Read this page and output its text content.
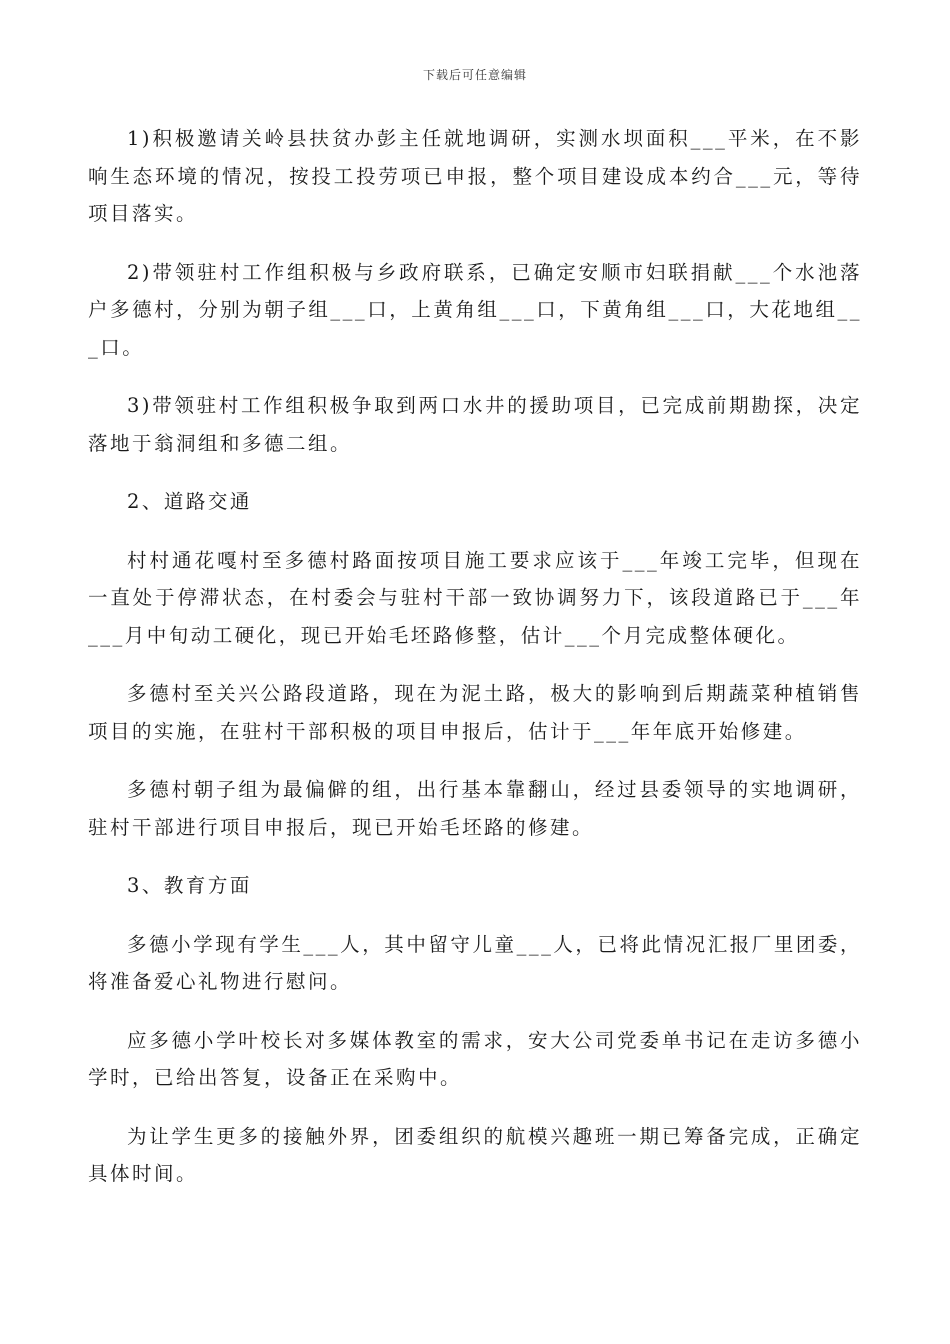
下载后可任意编辑

1)积极邀请关岭县扶贫办彭主任就地调研，实测水坝面积___平米，在不影响生态环境的情况，按投工投劳项已申报，整个项目建设成本约合___元，等待项目落实。

2)带领驻村工作组积极与乡政府联系，已确定安顺市妇联捐献___个水池落户多德村，分别为朝子组___口，上黄角组___口，下黄角组___口，大花地组___口。

3)带领驻村工作组积极争取到两口水井的援助项目，已完成前期勘探，决定落地于翁洞组和多德二组。

2、道路交通

村村通花嘎村至多德村路面按项目施工要求应该于___年竣工完毕，但现在一直处于停滞状态，在村委会与驻村干部一致协调努力下，该段道路已于___年___月中旬动工硬化，现已开始毛坯路修整，估计___个月完成整体硬化。

多德村至关兴公路段道路，现在为泥土路，极大的影响到后期蔬菜种植销售项目的实施，在驻村干部积极的项目申报后，估计于___年年底开始修建。

多德村朝子组为最偏僻的组，出行基本靠翻山，经过县委领导的实地调研，驻村干部进行项目申报后，现已开始毛坯路的修建。

3、教育方面

多德小学现有学生___人，其中留守儿童___人，已将此情况汇报厂里团委，将准备爱心礼物进行慰问。

应多德小学叶校长对多媒体教室的需求，安大公司党委单书记在走访多德小学时，已给出答复，设备正在采购中。

为让学生更多的接触外界，团委组织的航模兴趣班一期已筹备完成，正确定具体时间。
